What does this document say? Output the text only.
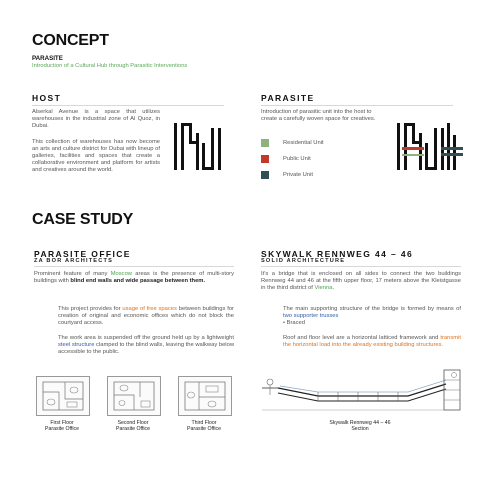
CONCEPT
PARASITE
Introduction of a Cultural Hub through Parasitic Interventions
HOST
Alserkal Avenue is a space that utilizes warehouses in the industrial zone of Al Quoz, in Dubai.
This collection of warehouses has now become an arts and culture district for Dubai with lineup of galleries, facilities and spaces that create a collaborative environment and platform for artists and creatives around the world.
PARASITE
Introduction of parasitic unit into the host to create a carefully woven space for creatives.
Residential Unit
Public Unit
Private Unit
CASE STUDY
PARASITE OFFICE
ZA BOR ARCHITECTS
Prominent feature of many Moscow areas is the presence of multi-story buildings with blind end walls and wide passage between them.
This project provides for usage of free spaces between buildings for creation of original and economic offices which do not block the courtyard access.
The work area is suspended off the ground held up by a lightweight steel structure clamped to the blind walls, leaving the walkway below accessible to the public.
First Floor
Parasite Office
Second Floor
Parasite Office
Third Floor
Parasite Office
SKYWALK RENNWEG 44 – 46
SOLID ARCHITECTURE
It's a bridge that is enclosed on all sides to connect the two buildings Rennweg 44 and 46 at the fifth upper floor, 17 meters above the Kleistgasse in the third district of Vienna.
The main supporting structure of the bridge is formed by means of two supporter trusses
• Braced
Roof and floor level are a horizontal latticed framework and transmit the horizontal load into the already existing building structures.
Skywalk Rennweg 44 – 46
Section
